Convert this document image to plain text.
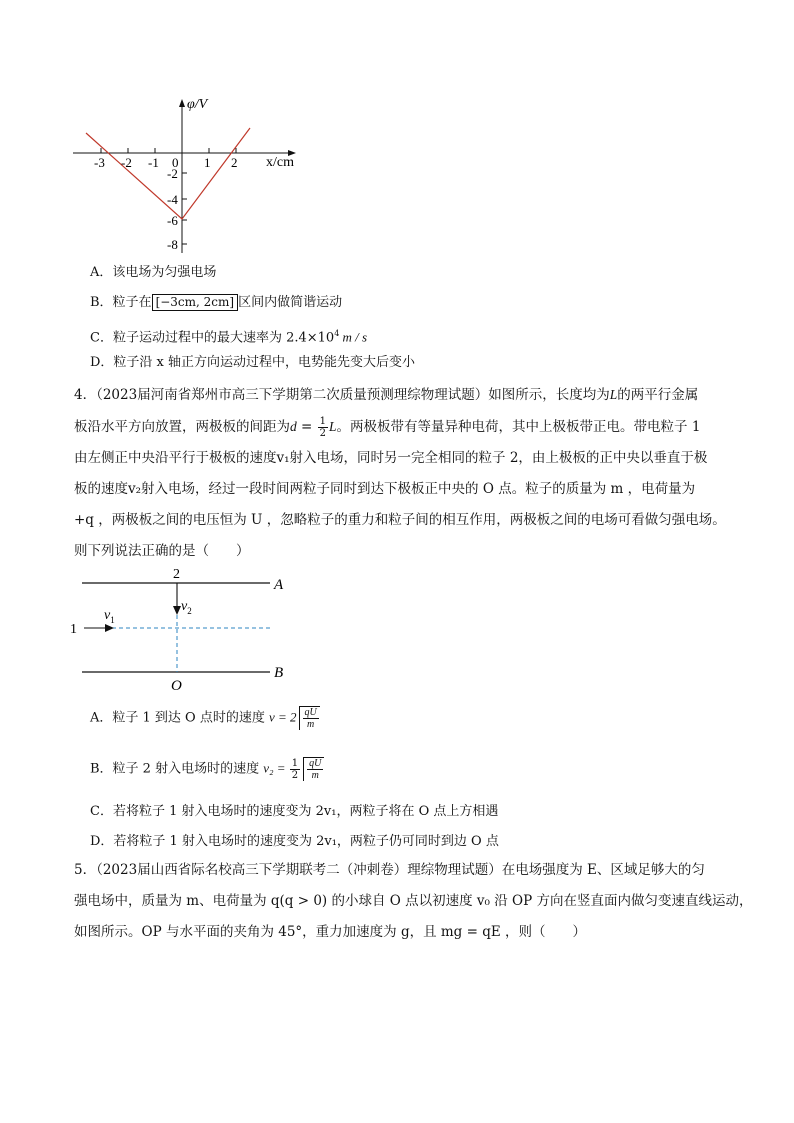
φ/V
x/cm
-3 -2 -1 0 1 2
-2
-4
-6
-8
A．该电场为匀强电场
B．粒子在 [−3cm, 2cm] 区间内做简谐运动
C．粒子运动过程中的最大速率为 $2.4\times 10^4$ m / s
D．粒子沿 x 轴正方向运动过程中，电势能先变大后变小
4．（2023届河南省郑州市高三下学期第二次质量预测理综物理试题）如图所示，长度均为L的两平行金属
板沿水平方向放置，两极板的间距为$d = \frac{1}{2}$ L。两极板带有等量异种电荷，其中上极板带正电。带电粒子 1
由左侧正中央沿平行于极板的速度v₁射入电场，同时另一完全相同的粒子 2，由上极板的正中央以垂直于极
板的速度v₂射入电场，经过一段时间两粒子同时到达下极板正中央的 O 点。粒子的质量为 m ，电荷量为
+q ，两极板之间的电压恒为 U ，忽略粒子的重力和粒子间的相互作用，两极板之间的电场可看做匀强电场。
则下列说法正确的是（　　）
2
A
$v_2$
$v_1$
1
B
O
A．粒子 1 到达 O 点时的速度 $v = 2 \frac{qU}{m}$
B．粒子 2 射入电场时的速度 $v_2 = \frac{1}{2} \frac{qU}{m}$
C．若将粒子 1 射入电场时的速度变为 2v₁，两粒子将在 O 点上方相遇
D．若将粒子 1 射入电场时的速度变为 2v₁，两粒子仍可同时到边 O 点
5．（2023届山西省际名校高三下学期联考二（冲刺卷）理综物理试题）在电场强度为 E、区域足够大的匀
强电场中，质量为 m、电荷量为 q(q > 0) 的小球自 O 点以初速度 v₀ 沿 OP 方向在竖直面内做匀变速直线运动，
如图所示。OP 与水平面的夹角为 45°，重力加速度为 g，且 mg = qE ，则（　　）
